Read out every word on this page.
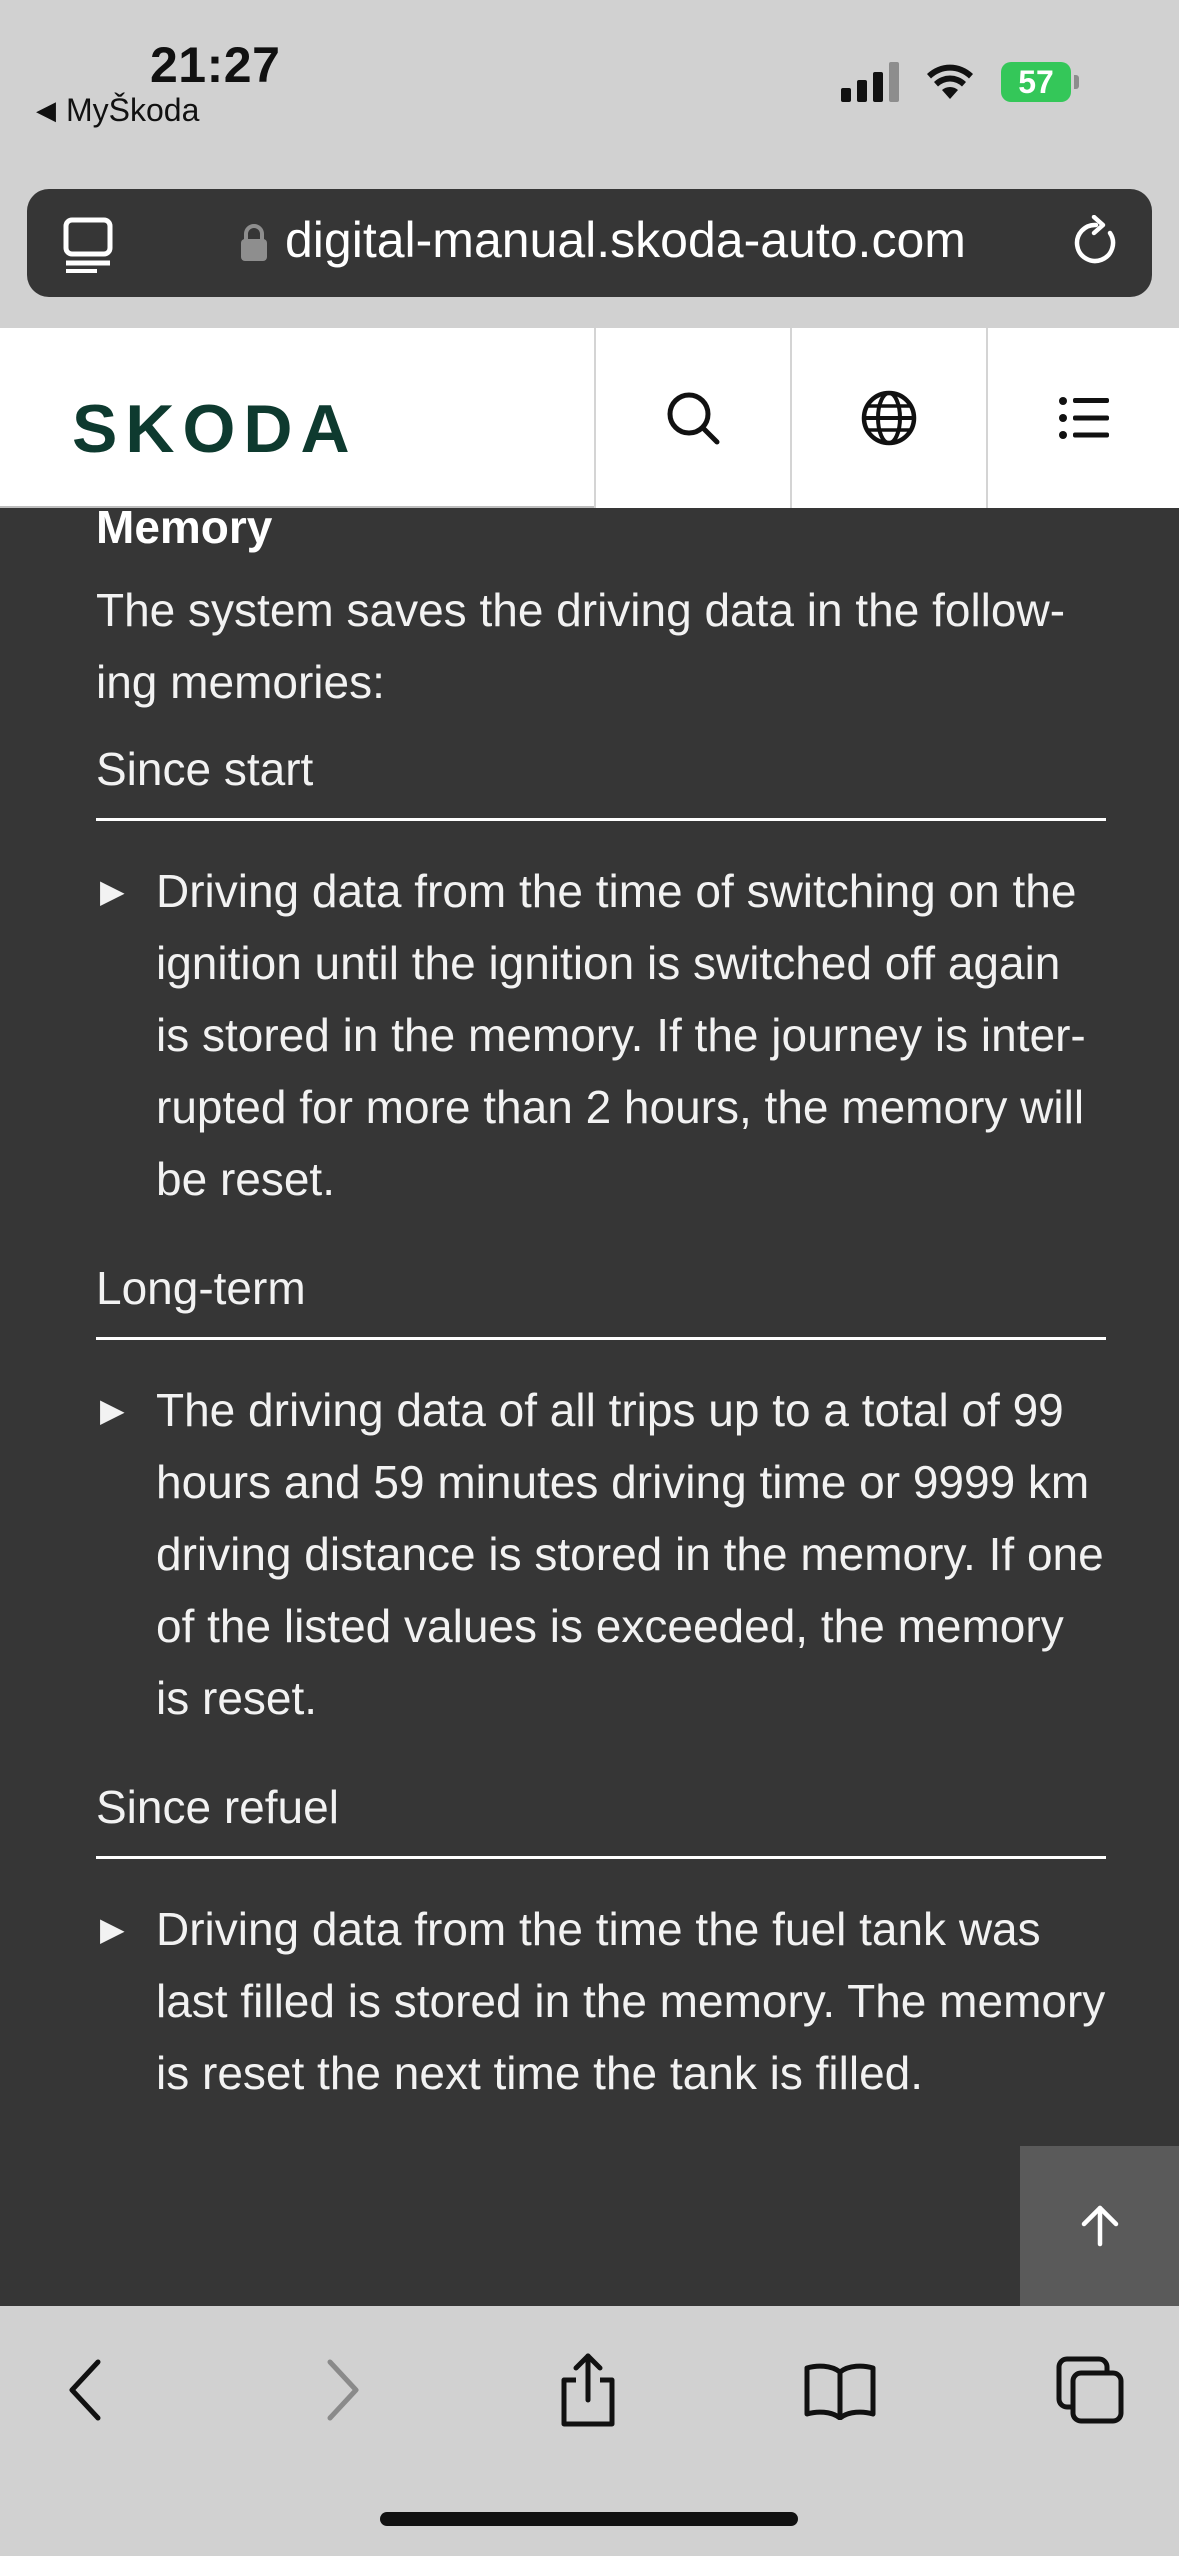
21:27
◀ MyŠkoda
57
digital-manual.skoda-auto.com
SKODA
Memory
The system saves the driving data in the follow-ing memories:
Since start
▶ Driving data from the time of switching on the ignition until the ignition is switched off again is stored in the memory. If the journey is inter-rupted for more than 2 hours, the memory will be reset.
Long-term
▶ The driving data of all trips up to a total of 99 hours and 59 minutes driving time or 9999 km driving distance is stored in the memory. If one of the listed values is exceeded, the memory is reset.
Since refuel
▶ Driving data from the time the fuel tank was last filled is stored in the memory. The memory is reset the next time the tank is filled.
